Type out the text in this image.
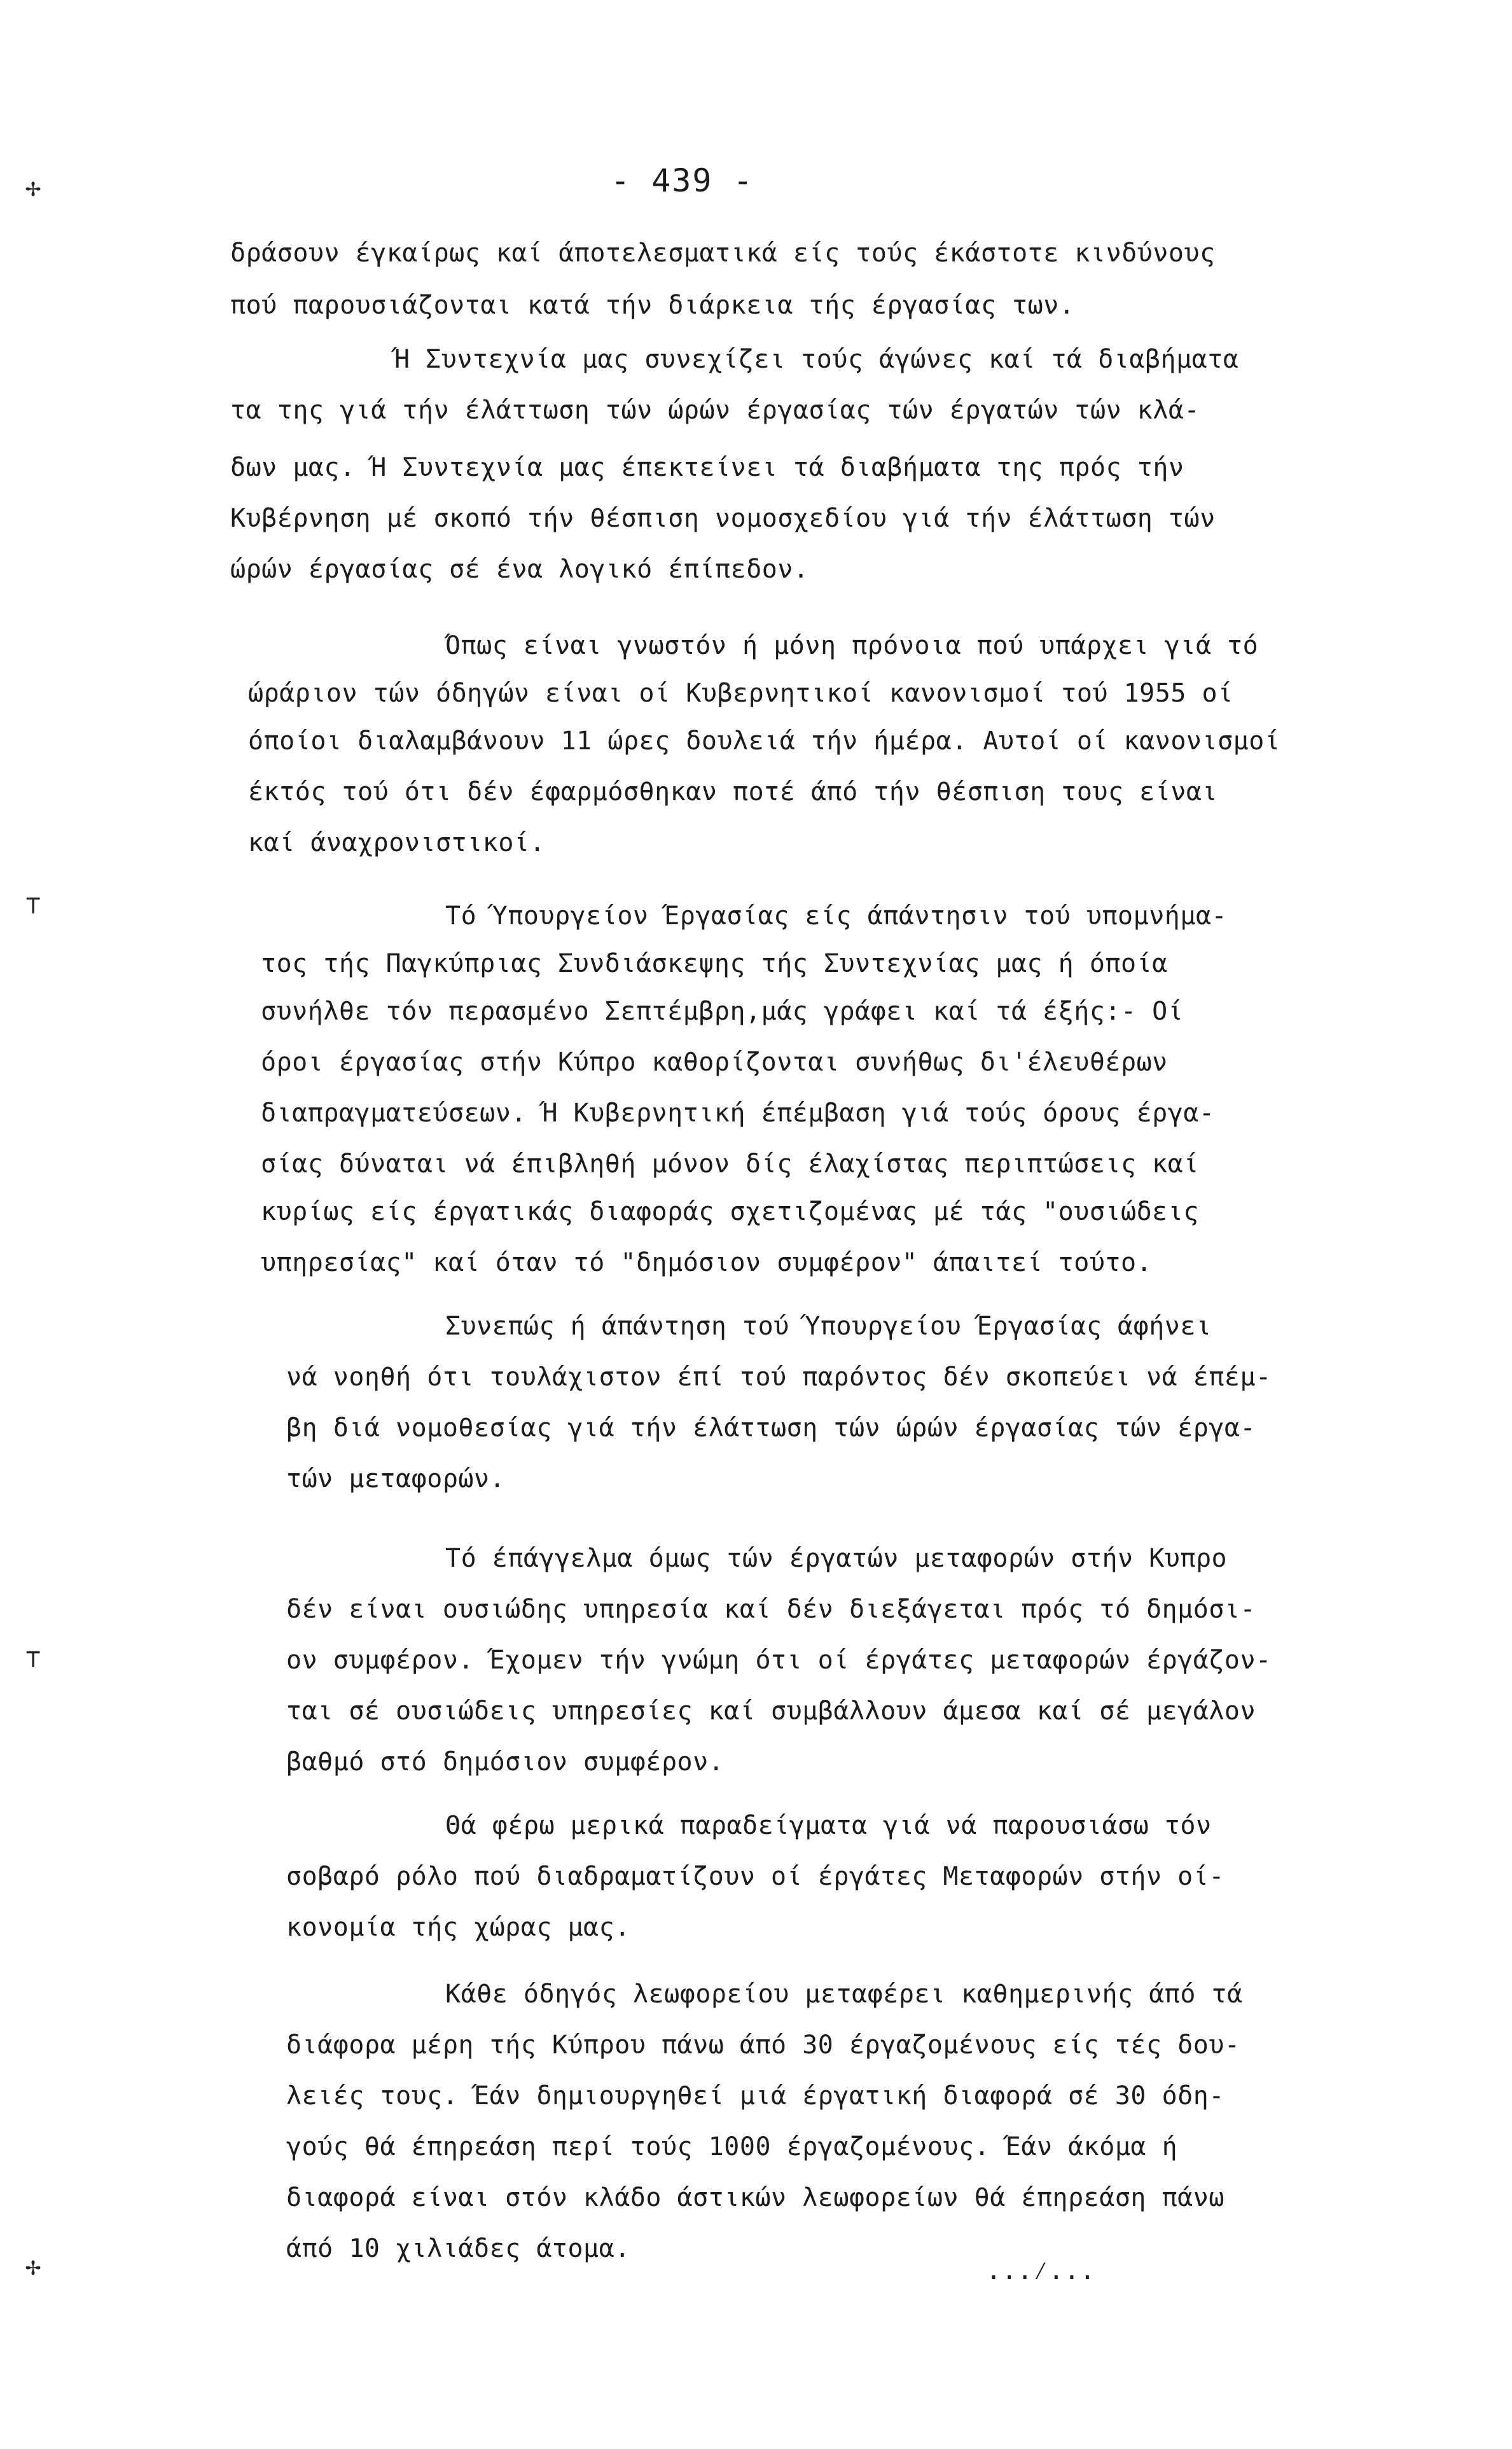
- 439 -
✢
⊤
⊤
✢
δράσουν έγκαίρως καί άποτελεσματικά είς τούς έκάστοτε κινδύνους
πού παρουσιάζονται κατά τήν διάρκεια τής έργασίας των.
Ή Συντεχνία μας συνεχίζει τούς άγώνες καί τά διαβήματα
τα της γιά τήν έλάττωση τών ώρών έργασίας τών έργατών τών κλά-
δων μας. Ή Συντεχνία μας έπεκτείνει τά διαβήματα της πρός τήν
Κυβέρνηση μέ σκοπό τήν θέσπιση νομοσχεδίου γιά τήν έλάττωση τών
ώρών έργασίας σέ ένα λογικό έπίπεδον.
Όπως είναι γνωστόν ή μόνη πρόνοια πού υπάρχει γιά τό
ώράριον τών όδηγών είναι οί Κυβερνητικοί κανονισμοί τού 1955 οί
όποίοι διαλαμβάνουν 11 ώρες δουλειά τήν ήμέρα. Αυτοί οί κανονισμοί
έκτός τού ότι δέν έφαρμόσθηκαν ποτέ άπό τήν θέσπιση τους είναι
καί άναχρονιστικοί.
Τό Ύπουργείον Έργασίας είς άπάντησιν τού υπομνήμα-
τος τής Παγκύπριας Συνδιάσκεψης τής Συντεχνίας μας ή όποία
συνήλθε τόν περασμένο Σεπτέμβρη,μάς γράφει καί τά έξής:- Οί
όροι έργασίας στήν Κύπρο καθορίζονται συνήθως δι'έλευθέρων
διαπραγματεύσεων. Ή Κυβερνητική έπέμβαση γιά τούς όρους έργα-
σίας δύναται νά έπιβληθή μόνον δίς έλαχίστας περιπτώσεις καί
κυρίως είς έργατικάς διαφοράς σχετιζομένας μέ τάς "ουσιώδεις
υπηρεσίας" καί όταν τό "δημόσιον συμφέρον" άπαιτεί τούτο.
Συνεπώς ή άπάντηση τού Ύπουργείου Έργασίας άφήνει
νά νοηθή ότι τουλάχιστον έπί τού παρόντος δέν σκοπεύει νά έπέμ-
βη διά νομοθεσίας γιά τήν έλάττωση τών ώρών έργασίας τών έργα-
τών μεταφορών.
Τό έπάγγελμα όμως τών έργατών μεταφορών στήν Κυπρο
δέν είναι ουσιώδης υπηρεσία καί δέν διεξάγεται πρός τό δημόσι-
ον συμφέρον. Έχομεν τήν γνώμη ότι οί έργάτες μεταφορών έργάζον-
ται σέ ουσιώδεις υπηρεσίες καί συμβάλλουν άμεσα καί σέ μεγάλον
βαθμό στό δημόσιον συμφέρον.
Θά φέρω μερικά παραδείγματα γιά νά παρουσιάσω τόν
σοβαρό ρόλο πού διαδραματίζουν οί έργάτες Μεταφορών στήν οί-
κονομία τής χώρας μας.
Κάθε όδηγός λεωφορείου μεταφέρει καθημερινής άπό τά
διάφορα μέρη τής Κύπρου πάνω άπό 30 έργαζομένους είς τές δου-
λειές τους. Έάν δημιουργηθεί μιά έργατική διαφορά σέ 30 όδη-
γούς θά έπηρεάση περί τούς 1000 έργαζομένους. Έάν άκόμα ή
διαφορά είναι στόν κλάδο άστικών λεωφορείων θά έπηρεάση πάνω
άπό 10 χιλιάδες άτομα.
...⁄...
